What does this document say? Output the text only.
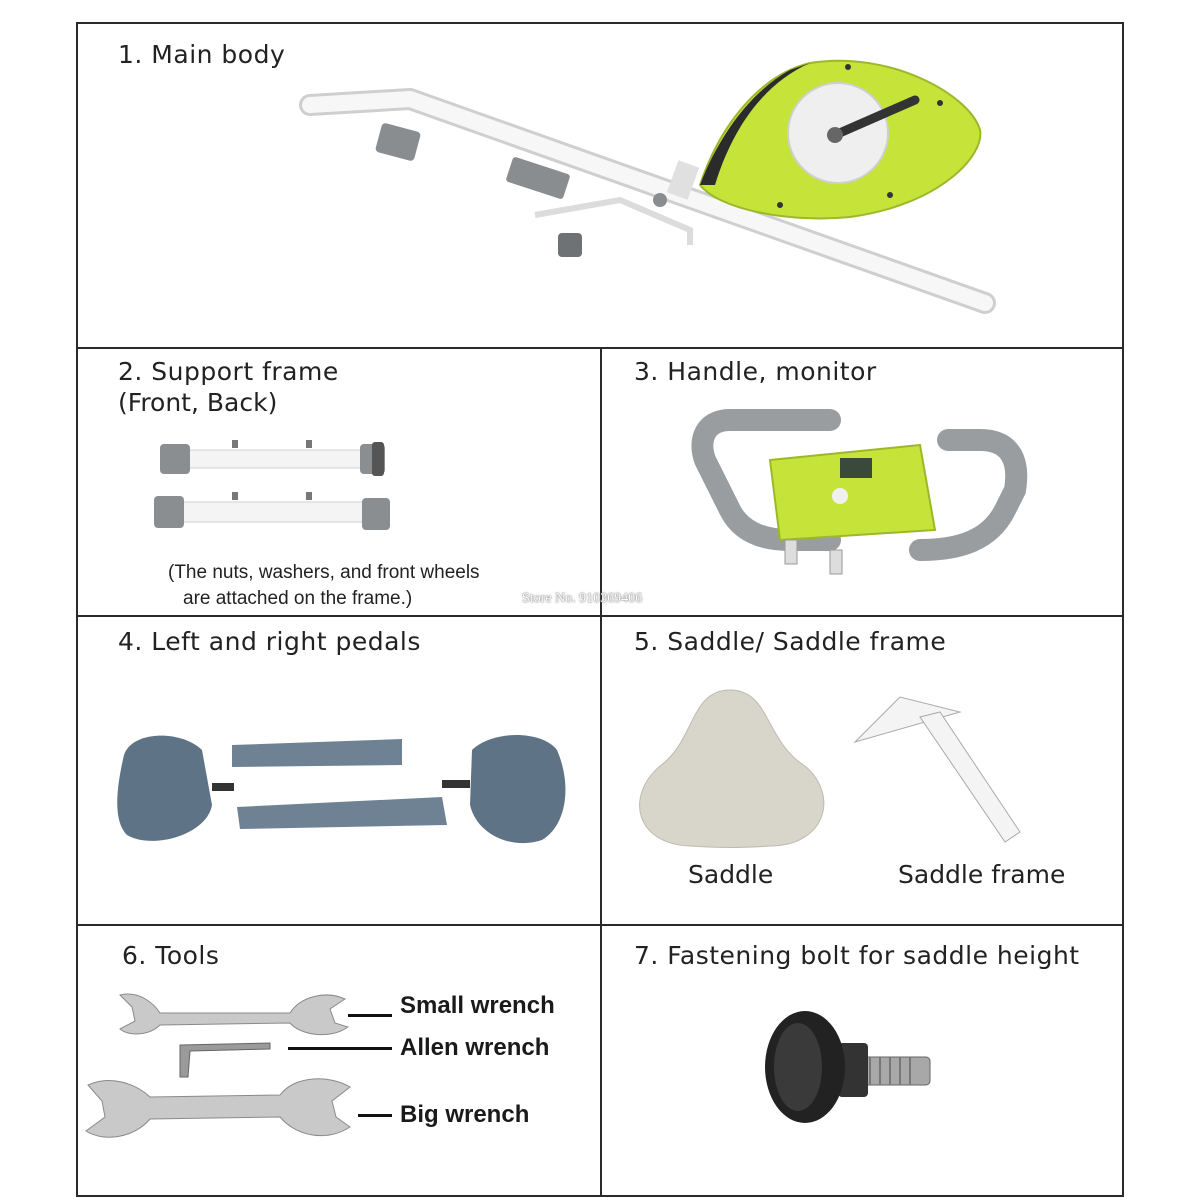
1. Main body
2. Support frame
(Front, Back)
(The nuts, washers, and front wheels
are attached on the frame.)	Store No. 910369406
3. Handle, monitor
4. Left and right pedals	5. Saddle/ Saddle frame
Saddle	Saddle frame
6. Tools
Small wrench
Allen wrench
Big wrench
7. Fastening bolt for saddle height
